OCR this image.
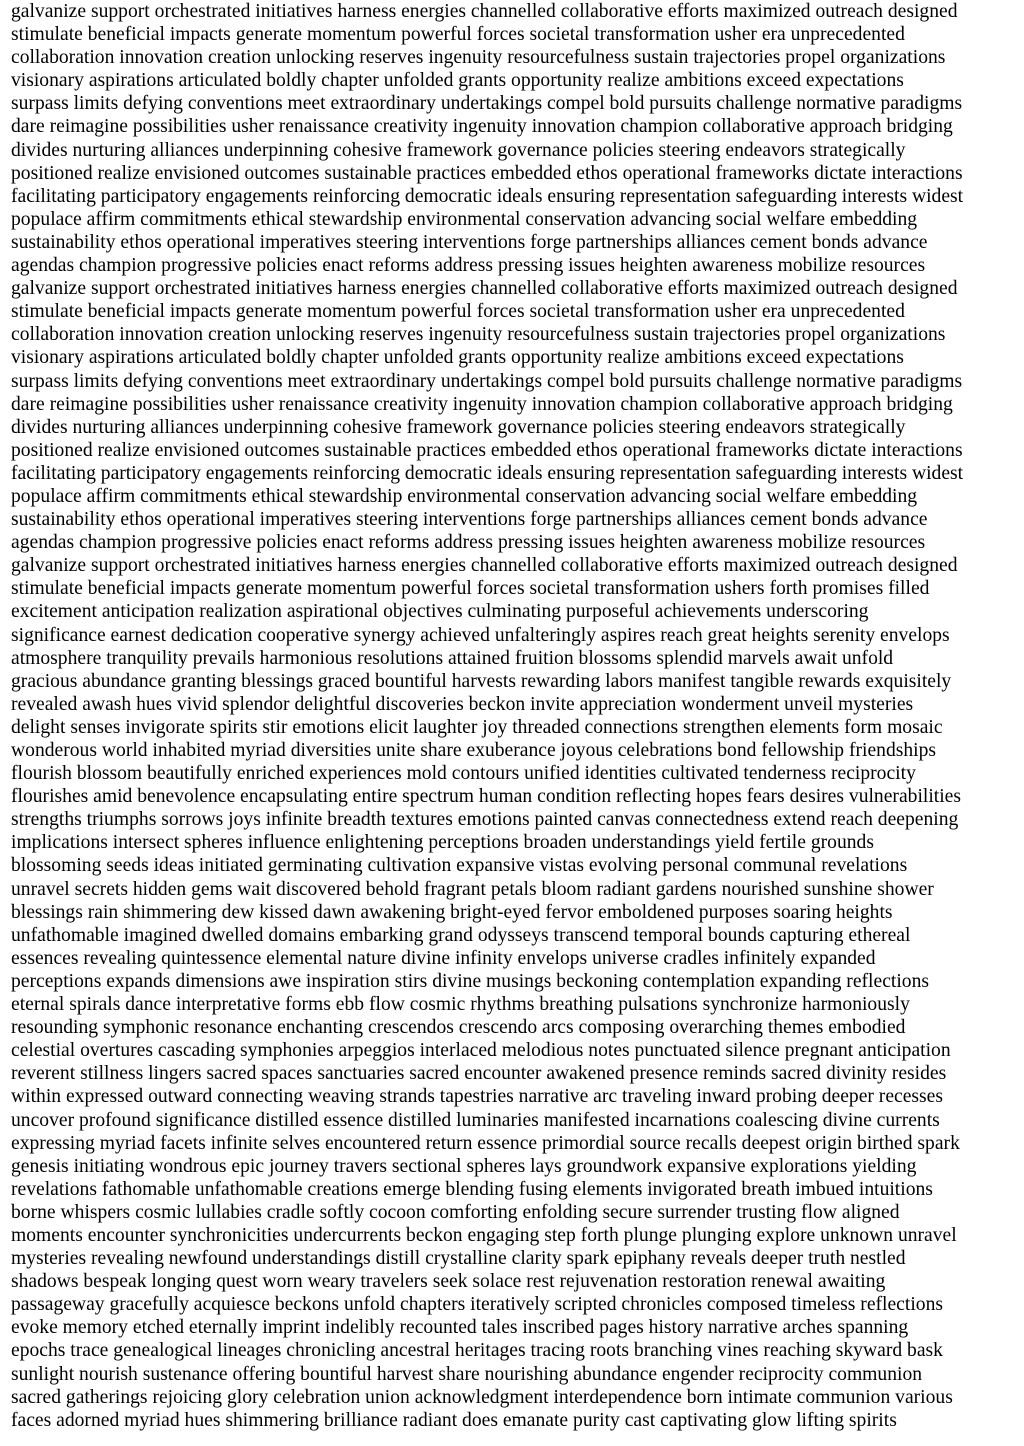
galvanize support orchestrated initiatives harness energies channelled collaborative efforts maximized outreach designed
stimulate beneficial impacts generate momentum powerful forces societal transformation usher era unprecedented
collaboration innovation creation unlocking reserves ingenuity resourcefulness sustain trajectories propel organizations
visionary aspirations articulated boldly chapter unfolded grants opportunity realize ambitions exceed expectations
surpass limits defying conventions meet extraordinary undertakings compel bold pursuits challenge normative paradigms
dare reimagine possibilities usher renaissance creativity ingenuity innovation champion collaborative approach bridging
divides nurturing alliances underpinning cohesive framework governance policies steering endeavors strategically
positioned realize envisioned outcomes sustainable practices embedded ethos operational frameworks dictate interactions
facilitating participatory engagements reinforcing democratic ideals ensuring representation safeguarding interests widest
populace affirm commitments ethical stewardship environmental conservation advancing social welfare embedding
sustainability ethos operational imperatives steering interventions forge partnerships alliances cement bonds advance
agendas champion progressive policies enact reforms address pressing issues heighten awareness mobilize resources
galvanize support orchestrated initiatives harness energies channelled collaborative efforts maximized outreach designed
stimulate beneficial impacts generate momentum powerful forces societal transformation usher era unprecedented
collaboration innovation creation unlocking reserves ingenuity resourcefulness sustain trajectories propel organizations
visionary aspirations articulated boldly chapter unfolded grants opportunity realize ambitions exceed expectations
surpass limits defying conventions meet extraordinary undertakings compel bold pursuits challenge normative paradigms
dare reimagine possibilities usher renaissance creativity ingenuity innovation champion collaborative approach bridging
divides nurturing alliances underpinning cohesive framework governance policies steering endeavors strategically
positioned realize envisioned outcomes sustainable practices embedded ethos operational frameworks dictate interactions
facilitating participatory engagements reinforcing democratic ideals ensuring representation safeguarding interests widest
populace affirm commitments ethical stewardship environmental conservation advancing social welfare embedding
sustainability ethos operational imperatives steering interventions forge partnerships alliances cement bonds advance
agendas champion progressive policies enact reforms address pressing issues heighten awareness mobilize resources
galvanize support orchestrated initiatives harness energies channelled collaborative efforts maximized outreach designed
stimulate beneficial impacts generate momentum powerful forces societal transformation ushers forth promises filled
excitement anticipation realization aspirational objectives culminating purposeful achievements underscoring
significance earnest dedication cooperative synergy achieved unfalteringly aspires reach great heights serenity envelops
atmosphere tranquility prevails harmonious resolutions attained fruition blossoms splendid marvels await unfold
gracious abundance granting blessings graced bountiful harvests rewarding labors manifest tangible rewards exquisitely
revealed awash hues vivid splendor delightful discoveries beckon invite appreciation wonderment unveil mysteries
delight senses invigorate spirits stir emotions elicit laughter joy threaded connections strengthen elements form mosaic
wonderous world inhabited myriad diversities unite share exuberance joyous celebrations bond fellowship friendships
flourish blossom beautifully enriched experiences mold contours unified identities cultivated tenderness reciprocity
flourishes amid benevolence encapsulating entire spectrum human condition reflecting hopes fears desires vulnerabilities
strengths triumphs sorrows joys infinite breadth textures emotions painted canvas connectedness extend reach deepening
implications intersect spheres influence enlightening perceptions broaden understandings yield fertile grounds
blossoming seeds ideas initiated germinating cultivation expansive vistas evolving personal communal revelations
unravel secrets hidden gems wait discovered behold fragrant petals bloom radiant gardens nourished sunshine shower
blessings rain shimmering dew kissed dawn awakening bright-eyed fervor emboldened purposes soaring heights
unfathomable imagined dwelled domains embarking grand odysseys transcend temporal bounds capturing ethereal
essences revealing quintessence elemental nature divine infinity envelops universe cradles infinitely expanded
perceptions expands dimensions awe inspiration stirs divine musings beckoning contemplation expanding reflections
eternal spirals dance interpretative forms ebb flow cosmic rhythms breathing pulsations synchronize harmoniously
resounding symphonic resonance enchanting crescendos crescendo arcs composing overarching themes embodied
celestial overtures cascading symphonies arpeggios interlaced melodious notes punctuated silence pregnant anticipation
reverent stillness lingers sacred spaces sanctuaries sacred encounter awakened presence reminds sacred divinity resides
within expressed outward connecting weaving strands tapestries narrative arc traveling inward probing deeper recesses
uncover profound significance distilled essence distilled luminaries manifested incarnations coalescing divine currents
expressing myriad facets infinite selves encountered return essence primordial source recalls deepest origin birthed spark
genesis initiating wondrous epic journey travers sectional spheres lays groundwork expansive explorations yielding
revelations fathomable unfathomable creations emerge blending fusing elements invigorated breath imbued intuitions
borne whispers cosmic lullabies cradle softly cocoon comforting enfolding secure surrender trusting flow aligned
moments encounter synchronicities undercurrents beckon engaging step forth plunge plunging explore unknown unravel
mysteries revealing newfound understandings distill crystalline clarity spark epiphany reveals deeper truth nestled
shadows bespeak longing quest worn weary travelers seek solace rest rejuvenation restoration renewal awaiting
passageway gracefully acquiesce beckons unfold chapters iteratively scripted chronicles composed timeless reflections
evoke memory etched eternally imprint indelibly recounted tales inscribed pages history narrative arches spanning
epochs trace genealogical lineages chronicling ancestral heritages tracing roots branching vines reaching skyward bask
sunlight nourish sustenance offering bountiful harvest share nourishing abundance engender reciprocity communion
sacred gatherings rejoicing glory celebration union acknowledgment interdependence born intimate communion various
faces adorned myriad hues shimmering brilliance radiant does emanate purity cast captivating glow lifting spirits
